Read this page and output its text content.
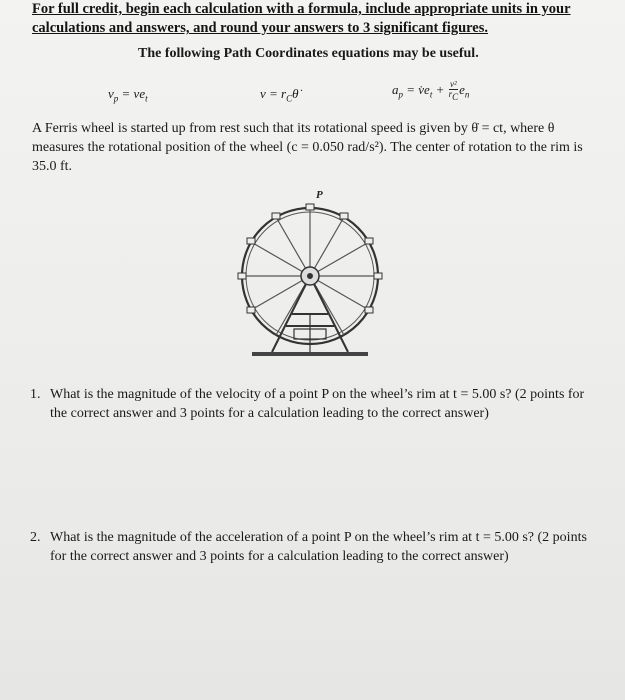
For full credit, begin each calculation with a formula, include appropriate units in your
calculations and answers, and round your answers to 3 significant figures.
The following Path Coordinates equations may be useful.
$v_p = ve_t$	$v = r_C\thetȧ$	$a_p$ = $v̇e_t + \frac{\text{v²}}{r_C} e_n$
A Ferris wheel is started up from rest such that its rotational speed is given by θ̇ = ct, where θ measures the rotational position of the wheel (c = 0.050 rad/s²). The center of rotation to the rim is 35.0 ft.
P
1. What is the magnitude of the velocity of a point P on the wheel’s rim at t = 5.00 s? (2 points for the correct answer and 3 points for a calculation leading to the correct answer)
2. What is the magnitude of the acceleration of a point P on the wheel’s rim at t = 5.00 s? (2 points for the correct answer and 3 points for a calculation leading to the correct answer)
